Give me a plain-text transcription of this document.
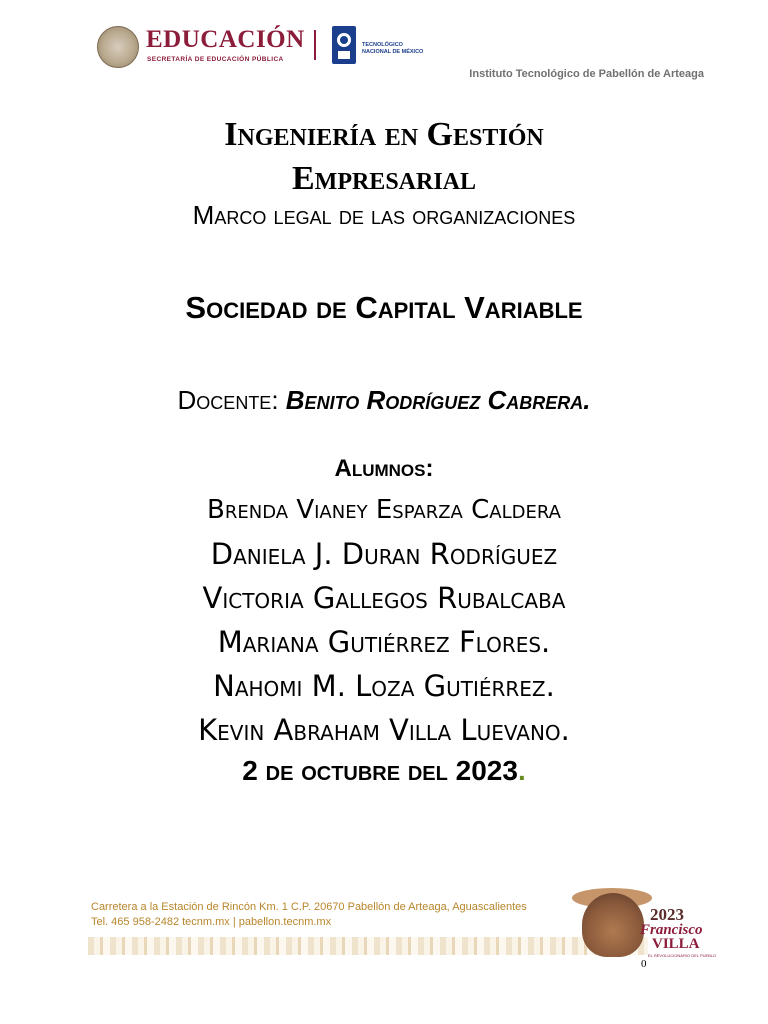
EDUCACIÓN
SECRETARÍA DE EDUCACIÓN PÚBLICA
TECNOLÓGICO
NACIONAL DE MÉXICO
Instituto Tecnológico de Pabellón de Arteaga
Ingeniería en Gestión
Empresarial
Marco legal de las organizaciones
Sociedad de Capital Variable
Docente: Benito Rodríguez Cabrera.
Alumnos:
Brenda Vianey Esparza Caldera
Daniela J. Duran Rodríguez
Victoria Gallegos Rubalcaba
Mariana Gutiérrez Flores.
Nahomi M. Loza Gutiérrez.
Kevin Abraham Villa Luevano.
2 de octubre del 2023.
Carretera a la Estación de Rincón Km. 1 C.P. 20670 Pabellón de Arteaga, Aguascalientes
Tel. 465 958-2482 tecnm.mx | pabellon.tecnm.mx	2023
Francisco
VILLA
EL REVOLUCIONARIO DEL PUEBLO
0
